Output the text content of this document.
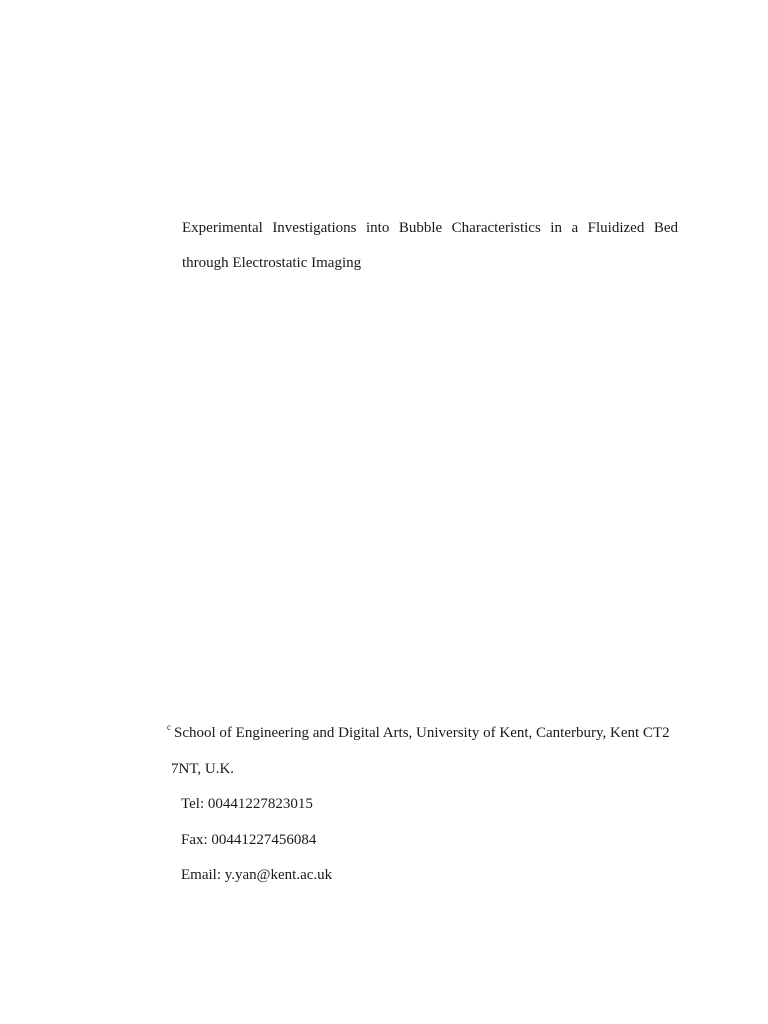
Experimental Investigations into Bubble Characteristics in a Fluidized Bed
through Electrostatic Imaging
$^c$ School of Engineering and Digital Arts, University of Kent, Canterbury, Kent CT2
7NT, U.K.
Tel: 00441227823015
Fax: 00441227456084
Email: y.yan@kent.ac.uk
